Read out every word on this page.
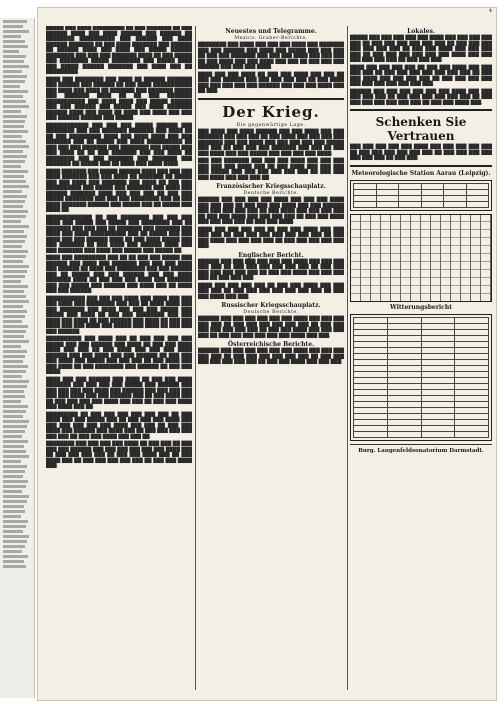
4
█████ ███ ████ █████████ ██ ███ ███████ ██ ███ ██████ ████ ███ ████ ██████ ███ ██████ ██ ████████ ██████████ ███ ██████ ███ ████ ██████ ███████ ██ ███ ████ ███████ ███ ██████ ██ ██████ ████ ███ ████ ███ █████ ██████ ████████ ███ ███ ███ ███████ ████ ██ ███ █████ ███ ████████ █████ ████████ ███ █████ ████ ███ █████ ██████ ███████ ███ ████ ███ ██ █████████.
████ ███ ████████ ███ ████ ██ ██████ ███████ ███ ██████ ███ ██████ ██ ███ ████ ███████████ ███ ████ ███ ████ ██ ███████ ███ ███████ █████ ███ ███████ ████ ██ ██ ███ ███████ ███████████ ███ ████ ████ ███ █████ ██████ ███ ███ ██████ ███ █████ ███ ████ ███████ ██████ ████ ███ ████ ██ ████ ███ ████ ███ ███ ███ ██████ ██████ ███ █████.
████████████ ███ ███ ███ █████ ██████ ███ ████████ ███ ███ ███████ ███████ ███ ████ ██ ██ ███ █████████ ████ ███ ████ ████ ███ ███ ███████ ███ ██ █████ ███ ████ ██████████ ██ ███ ███ ███ ███████ ███ ████████ ███ █████ ███ ███ ████ ██ ██ ███ ███████ ███ ███ ████ ██ ████████ ███ ███ ███████ ███ ███████ ███ ███████ ██ █████ ███ ██ ████ ███ ████ ████.
████ ███████ ███ █████ ██████ ████ ███ ███ ███ ████ ███████ ███ ███ ████ ██ ███████ ██ █████ ███ ███ ████ ███ ███████ ███ ████ ██ ███ ███ ██████████ ███ █████ ███ ███████ ███ ████ ███ ██████ ███████ ████ ███ ███ ███ ██ ███ ███ █████ ████████ ███ ███ ███ ████████ ███ ██ ███ ████ ███████ ██████ ███ █████ ███ ██ █████ ███ ████ ██.
█████████████ ██ ███ ████████ ███ ███ ███ ████ ███ █████ ███ █████ ███ ████████ ███ ██ ███████ ███ ███ ███ ██ ███████ ███ ███████ ███ ████ ███ ████ ██████████ ███ ██ █████ ███ ███ ████ ███ ███ ██████ ████ ██ ███ ████ █████ ███ ███ ███████ ██ ███ ████ ███ ██████ ████ ███ ███ ███████ ███ ████ ███ █████ ███ █████ ██.
████ ███ █████████ ███ ██ ██ ███ ███ █████ ███ ██████ ███ ████ ███ ███████ ███ ███ ███ ████ ███ ██████ ██ ████ ███ ████████ ███ ███ ██████ ███ ██ █████ ███ ███ ██████ ███ ███ ████ ███████ ████ ██ ███ ███ ███ ████ ███ ███████ ███ ███ █████ ███ ██████ ███ ████ ███ ██ ████ ███ ███ ██████.
███████████ ███ ███ ███ ████ ███ ████ ███ ███ ███ ████ ███ ████████ ███ ███ ██ ████ ████ ███ ███ ███████ ███ ████ ███ ███ ███ █████ ███ █████ ███ ████ ██ ███ ███ ████████ ███ ███ ████ ███ ████ ██ ███ ██████ ███ ████ ██ ███ ███ ████ ███ ███ ████ ███ █████ ███ ████ ██ ███ ███ ███ ██████.
██████████ ███ ████ ███ ██ ███ ███ ███ ███ █████ ███ ███ ██████ ███ ████ ██ ███ ███ ████ ████ ███ ███ ██ ███ ████ ███ ███ ███ ████ ██████ ███ ███ ████ ███ ███ ██████ ██ ███ ███ ███ ████ ███ █████ ███ ███ ███ ██ ███ ████ ███ ███ ████ ██ ███ ████████ ███ ██████ ██ ███ ███ ████.
████ ███ ███ ██████ ███ ████ ██ ███ ███ ████ ███████ ███ ███ ███ ███ █████ ███ ██████ ███ ███ ███ ███ ███ ████ ███ ██████ ███ ███ ███ ███ ███ ███ ████ ███ ███ ██████ ███ ██ ███ ████ ███ ██ ███ ███ ███ ███ ████ ███ ███ ██ ███ ███ ████ ███ ████ ███ ██.
█████████ ██ ███ ███ ███ ███ ███ ███ ██ ███ ████ ███ ███ █████ ███ ██ ███ ███ ███ ████ ███ ███ ███ ███ ███ ███ ████ ███ ███ ██ ███ ███ ████ ███ ██████ ███ ████ ███ ██ ███ ███ ███ ███ ███ ███ ██ ███ ███ ████ ███ ███ ██.
████████ ███ ███ ███ ███ ████ ██ ███ ███ ██ ███ ███ ███ ██████ ███ ███ ███ ███ ███ ███ ████ ███ ██ ███ ███ ███ ███ ██ ███ ███ ████ ███ ██ ███ ████ ███ ██ ███ ███ ███ ███ ███ ██ ███ ███ ████ ███.
Neuestes und Telegramme.
Mexico. Graber-Berichte.
████████ ███ ████ ███ ███ ███ ████ ███ ███████ ███ ███ ██████ ███ ████ ███ █████ ███ ███ ███ ██ ███ ███ ███████ ███ ███ ███ ████ ███ ███ ███ ██ ███ ████ ███ ███ ████ ███ ███ ██ ███ ███ ███ ██████ ███ ███ ███ ████.
████ ███ ███ ████ ██ ███ ███ ████ ███ ███ ██ ███ ███ ██████ ███ ███ ███ ███ ███ ██ ███ ████ ███ ███ ███ ███ ███ ██████ ███ ███ ███ ████ ███ ██ ███.
Der Krieg.
Die gegenwärtige Lage.
███ ████ ███ ████ ██████ ███ ███ ████ ███ ███ ███████ ███ ███ ███ ██ ███ ████ ███ ███ ███ ███ ███████ ███ ███ ████ ███ ███ ███ ███ ███ █████ ███ ███ ██ ███ ███ ███ ███████ ███ ███ ██ ███ ███ ████ ███ ███ █████ ███ ███ ███ ███ ████.
███ ███ ███████ ███ ███ ███ ████ ███ ███ ███ ███ ███ ███ ████ ███ ██ ███ ████ ███ ███ ███ ███ █████ ███ ███ ███ ███ ███ ███ ██ ███ ███ ███ ████ ███ ███ ███ ██.
Französischer Kriegsschauplatz.
Deutsche Berichte.
██████ ███ ███ ███ ███ ████ ███ ███ ███ ████ ███ ███ ███ ██ ███ ███ ███ ████ ███ ███ ██████ ███ ███ ███ ███ ███ ██ ███ ████ ███ ███ ███ ███ ██ ███ ███ ████ ███ ███ ███ ███ ██ ███ ███ ████ ███ ███ ███ ███ ██ ███ ███ ████.
████ ███ ███ ███ ███ ██ ███ ███ ████ ███ ███ ███ ███ ██ ███ ███ ███ ███ ███ ███ ███ ██ ███ ███ ████ ███ ███ ███ ███ ██ ███ ███ ███ ███ ███ ███.
Englischer Bericht.
██████ ███ ███ ███ ███ ███ ███ ████ ███ ███ ███ ███ ███ ██ ███ ███ ███ ███ ███ ███ ██ ███ ███ ███ ███ ███ ███ ███ ██ ███ ███ ████ ███ ███ ███ ███ ██ ███ ███ ███.
████ ███ ███ ███ ███ ██ ███ ███ ████ ███ ███ ███ ███ ██ ███ ███ ███ ███ ███ ███ ███ ██ ███ ███ ████ ███ ███.
Russischer Kriegsschauplatz.
Deutsche Berichte.
██████ ███ ███ ███ ███ ███ ███ ████ ███ ███ ███ ███ ███ ██ ███ ███ ███ ███ ███ ███ ██ ███ ███ ███ ███ ███ ███ ███ ██ ███ ███ ████ ███ ███ ███ ███ ██ ███ ███ ███ ███ ███ ███ ████ ███ ███.
Österreichische Berichte.
██████ ███ ███ ███ ███ ███ ███ ████ ███ ███ ███ ███ ███ ██ ███ ███ ███ ███ ███ ███ ██ ███ ███ ███ ███ ███ ███ ███ ██ ███ ███ ████ ███ ███ ███.
Lokales.
█████ ███ ███ ███ ███ ███ ████ ███ ███ ███ ███ ███ ██ ███ ███ ███ ███ ███ ███ ██ ███ ███ ███ ███ ███ ███ ███ ██ ███ ███ ████ ███ ███ ███ ███ ██ ███ ███ ███ ███ ███ ███ ████ ███ ███ ███ ███ ███ ███ ██ ███ ███ ███.
████ ███ ███ ███ ███ ██ ███ ███ ████ ███ ███ ███ ███ ██ ███ ███ ███ ███ ███ ███ ███ ██ ███ ███ ████ ███ ███ ███ ███ ██ ███ ███ ███ ███ ███ ███ ███ ███ ███ ███ ███.
██████ ███ ███ ███ ███ ███ ███ ████ ███ ███ ███ ███ ███ ██ ███ ███ ███ ███ ███ ███ ██ ███ ███ ███ ███ ███ ███ ███ ██ ███ ███ ████ ███.
Schenken Sie Vertrauen
███ ███ ███ ███ ███ ████ ███ ███ ███ ███ ███ ██ ███ ███ ███ ███ ███ ███ ██ ███ ███ ███ ███ ███ ███ ███ ██ ███ ███.
Meteorologische Station Aarau (Leipzig).

Witterungsbericht

Burg. Langenfeldsonatorium Darmstadt.
